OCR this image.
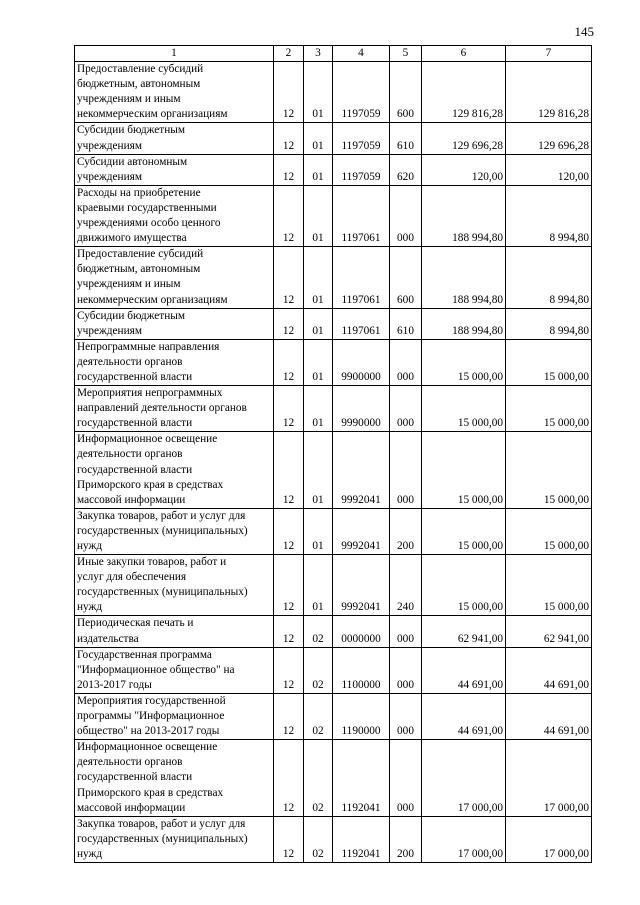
145
1	2	3	4	5	6	7
Предоставление субсидий
бюджетным, автономным
учреждениям и иным
некоммерческим организациям	12	01	1197059	600	129 816,28	129 816,28
Субсидии бюджетным
учреждениям	12	01	1197059	610	129 696,28	129 696,28
Субсидии автономным
учреждениям	12	01	1197059	620	120,00	120,00
Расходы на приобретение
краевыми государственными
учреждениями особо ценного
движимого имущества	12	01	1197061	000	188 994,80	8 994,80
Предоставление субсидий
бюджетным, автономным
учреждениям и иным
некоммерческим организациям	12	01	1197061	600	188 994,80	8 994,80
Субсидии бюджетным
учреждениям	12	01	1197061	610	188 994,80	8 994,80
Непрограммные направления
деятельности органов
государственной власти	12	01	9900000	000	15 000,00	15 000,00
Мероприятия непрограммных
направлений деятельности органов
государственной власти	12	01	9990000	000	15 000,00	15 000,00
Информационное освещение
деятельности органов
государственной власти
Приморского края в средствах
массовой информации	12	01	9992041	000	15 000,00	15 000,00
Закупка товаров, работ и услуг для
государственных (муниципальных)
нужд	12	01	9992041	200	15 000,00	15 000,00
Иные закупки товаров, работ и
услуг для обеспечения
государственных (муниципальных)
нужд	12	01	9992041	240	15 000,00	15 000,00
Периодическая печать и
издательства	12	02	0000000	000	62 941,00	62 941,00
Государственная программа
"Информационное общество" на
2013-2017 годы	12	02	1100000	000	44 691,00	44 691,00
Мероприятия государственной
программы "Информационное
общество" на 2013-2017 годы	12	02	1190000	000	44 691,00	44 691,00
Информационное освещение
деятельности органов
государственной власти
Приморского края в средствах
массовой информации	12	02	1192041	000	17 000,00	17 000,00
Закупка товаров, работ и услуг для
государственных (муниципальных)
нужд	12	02	1192041	200	17 000,00	17 000,00
